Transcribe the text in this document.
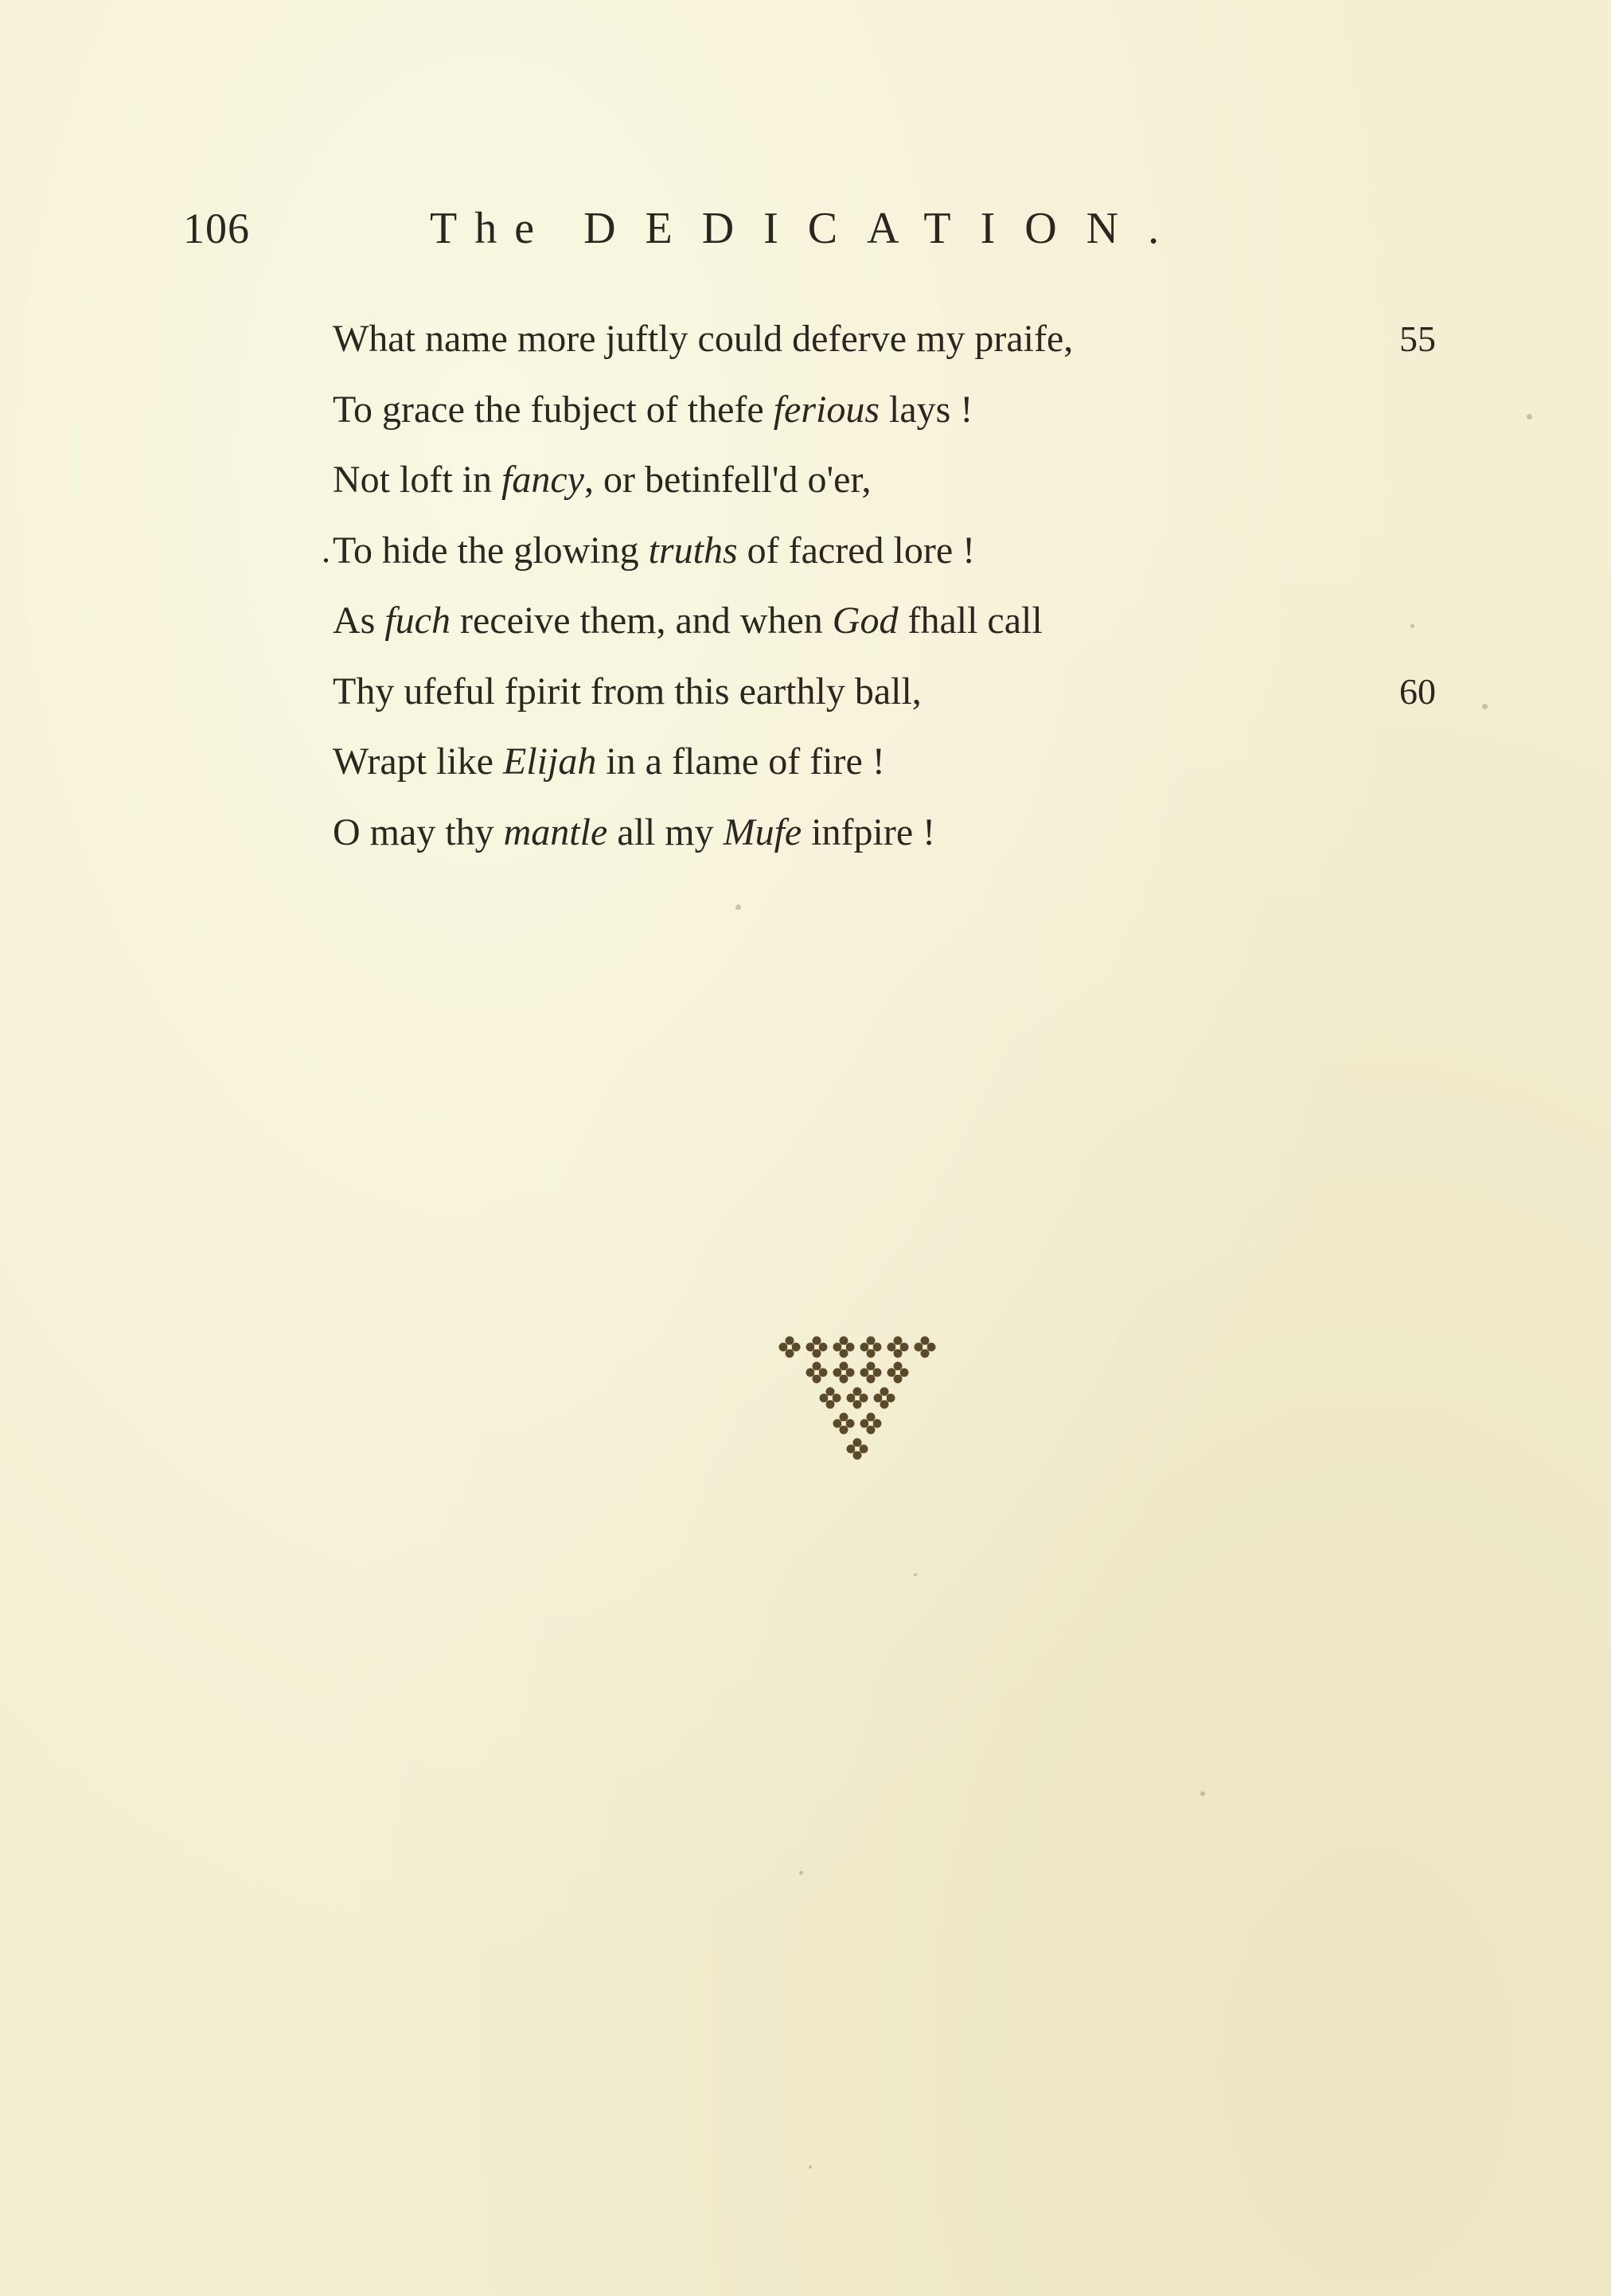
106	The DEDICATION.
What name more juftly could deferve my praife,	55
To grace the fubject of thefe ferious lays !
Not loft in fancy, or betinfell'd o'er,
. To hide the glowing truths of facred lore !
As fuch receive them, and when God fhall call
Thy ufeful fpirit from this earthly ball,	60
Wrapt like Elijah in a flame of fire !
O may thy mantle all my Mufe infpire !
